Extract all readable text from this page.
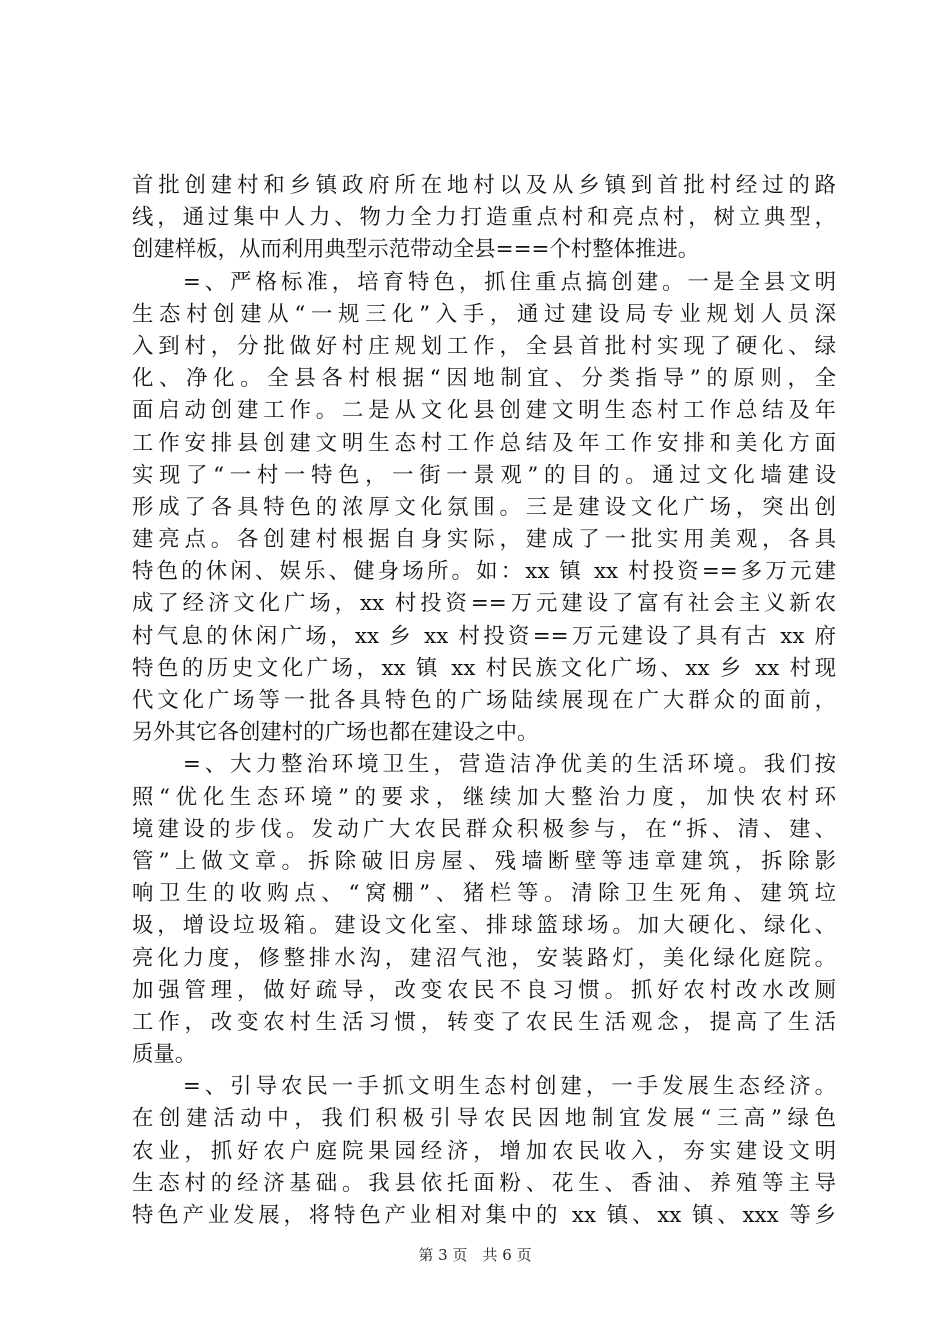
首批创建村和乡镇政府所在地村以及从乡镇到首批村经过的路
线，通过集中人力、物力全力打造重点村和亮点村，树立典型，
创建样板，从而利用典型示范带动全县===个村整体推进。
　　=、严格标准，培育特色，抓住重点搞创建。一是全县文明
生态村创建从“一规三化”入手，通过建设局专业规划人员深
入到村，分批做好村庄规划工作，全县首批村实现了硬化、绿
化、净化。全县各村根据“因地制宜、分类指导”的原则，全
面启动创建工作。二是从文化县创建文明生态村工作总结及年
工作安排县创建文明生态村工作总结及年工作安排和美化方面
实现了“一村一特色，一街一景观”的目的。通过文化墙建设
形成了各具特色的浓厚文化氛围。三是建设文化广场，突出创
建亮点。各创建村根据自身实际，建成了一批实用美观，各具
特色的休闲、娱乐、健身场所。如：xx 镇 xx 村投资==多万元建
成了经济文化广场，xx 村投资==万元建设了富有社会主义新农
村气息的休闲广场，xx 乡 xx 村投资==万元建设了具有古 xx 府
特色的历史文化广场，xx 镇 xx 村民族文化广场、xx 乡 xx 村现
代文化广场等一批各具特色的广场陆续展现在广大群众的面前，
另外其它各创建村的广场也都在建设之中。
　　=、大力整治环境卫生，营造洁净优美的生活环境。我们按
照“优化生态环境”的要求，继续加大整治力度，加快农村环
境建设的步伐。发动广大农民群众积极参与，在“拆、清、建、
管”上做文章。拆除破旧房屋、残墙断壁等违章建筑，拆除影
响卫生的收购点、“窝棚”、猪栏等。清除卫生死角、建筑垃
圾，增设垃圾箱。建设文化室、排球篮球场。加大硬化、绿化、
亮化力度，修整排水沟，建沼气池，安装路灯，美化绿化庭院。
加强管理，做好疏导，改变农民不良习惯。抓好农村改水改厕
工作，改变农村生活习惯，转变了农民生活观念，提高了生活
质量。
　　=、引导农民一手抓文明生态村创建，一手发展生态经济。
在创建活动中，我们积极引导农民因地制宜发展“三高”绿色
农业，抓好农户庭院果园经济，增加农民收入，夯实建设文明
生态村的经济基础。我县依托面粉、花生、香油、养殖等主导
特色产业发展，将特色产业相对集中的 xx 镇、xx 镇、xxx 等乡
第 3 页　共 6 页
